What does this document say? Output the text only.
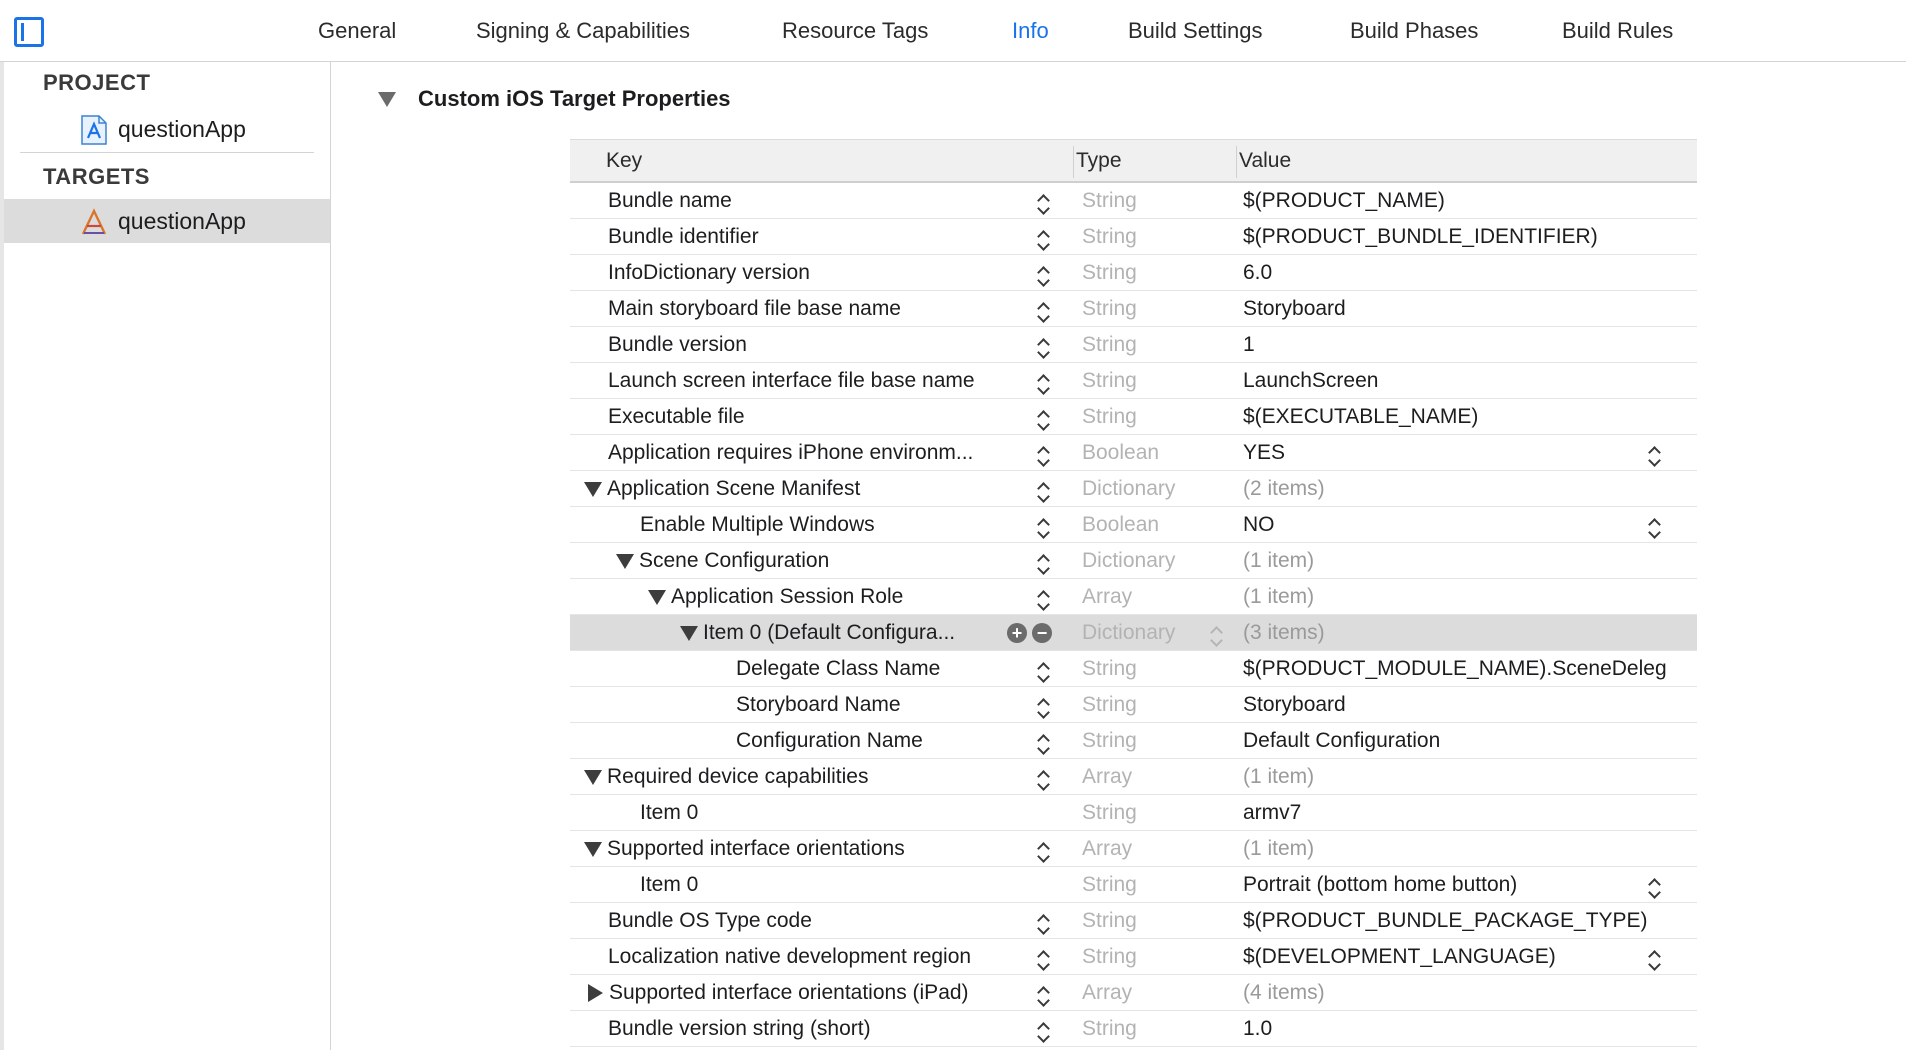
General	Signing & Capabilities	Resource Tags	Info	Build Settings	Build Phases	Build Rules
PROJECT
questionApp
TARGETS
questionApp
Custom iOS Target Properties
Key	Type	Value
Bundle name	String	$(PRODUCT_NAME)
Bundle identifier	String	$(PRODUCT_BUNDLE_IDENTIFIER)
InfoDictionary version	String	6.0
Main storyboard file base name	String	Storyboard
Bundle version	String	1
Launch screen interface file base name	String	LaunchScreen
Executable file	String	$(EXECUTABLE_NAME)
Application requires iPhone environm...	Boolean	YES
Application Scene Manifest	Dictionary	(2 items)
Enable Multiple Windows	Boolean	NO
Scene Configuration	Dictionary	(1 item)
Application Session Role	Array	(1 item)
Item 0 (Default Configura...	+ − Dictionary	(3 items)
Delegate Class Name	String	$(PRODUCT_MODULE_NAME).SceneDeleg
Storyboard Name	String	Storyboard
Configuration Name	String	Default Configuration
Required device capabilities	Array	(1 item)
Item 0	String	armv7
Supported interface orientations	Array	(1 item)
Item 0	String	Portrait (bottom home button)
Bundle OS Type code	String	$(PRODUCT_BUNDLE_PACKAGE_TYPE)
Localization native development region	String	$(DEVELOPMENT_LANGUAGE)
Supported interface orientations (iPad)	Array	(4 items)
Bundle version string (short)	String	1.0
